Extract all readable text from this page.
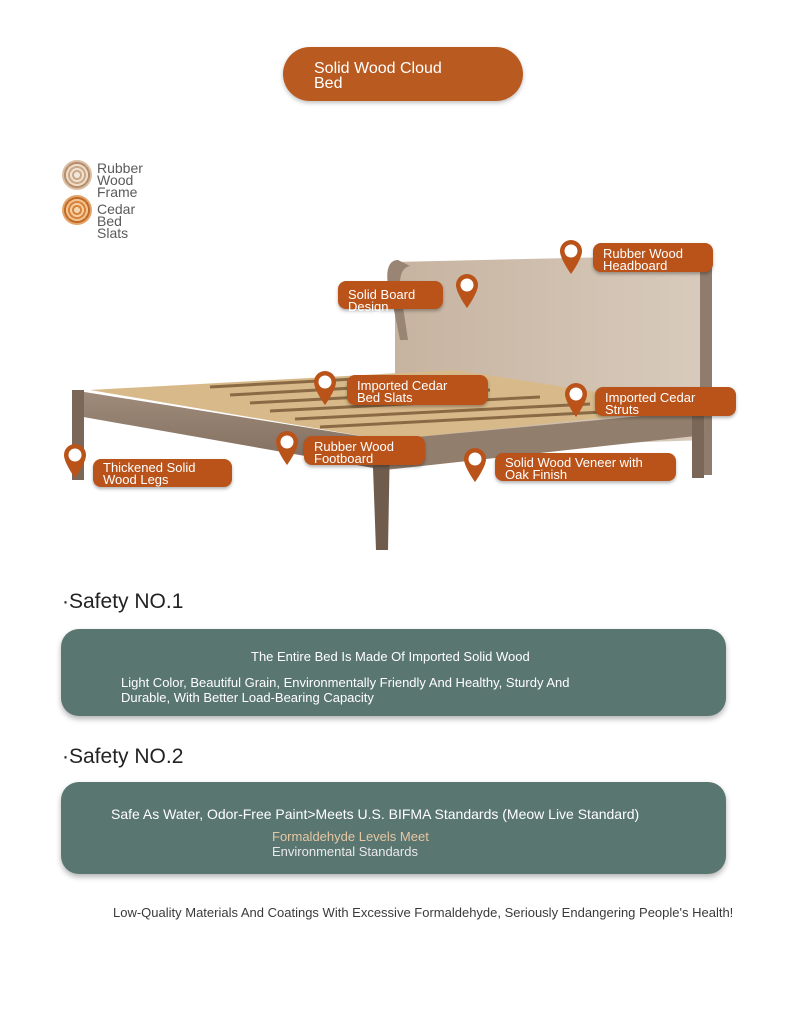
Solid Wood Cloud
Bed
Rubber Wood
Frame
Cedar Bed Slats
Rubber Wood
Headboard
Solid Board Design
Imported Cedar
Bed Slats	Imported Cedar
Struts
Rubber Wood
Footboard
Thickened Solid
Wood Legs
Solid Wood Veneer with
Oak Finish
·Safety NO.1
The Entire Bed Is Made Of Imported Solid Wood
Light Color, Beautiful Grain, Environmentally Friendly And Healthy, Sturdy And
Durable, With Better Load-Bearing Capacity
·Safety NO.2
Safe As Water, Odor-Free Paint>Meets U.S. BIFMA Standards (Meow Live Standard)
Formaldehyde Levels Meet
Environmental Standards
Low-Quality Materials And Coatings With Excessive Formaldehyde, Seriously Endangering People's Health!
